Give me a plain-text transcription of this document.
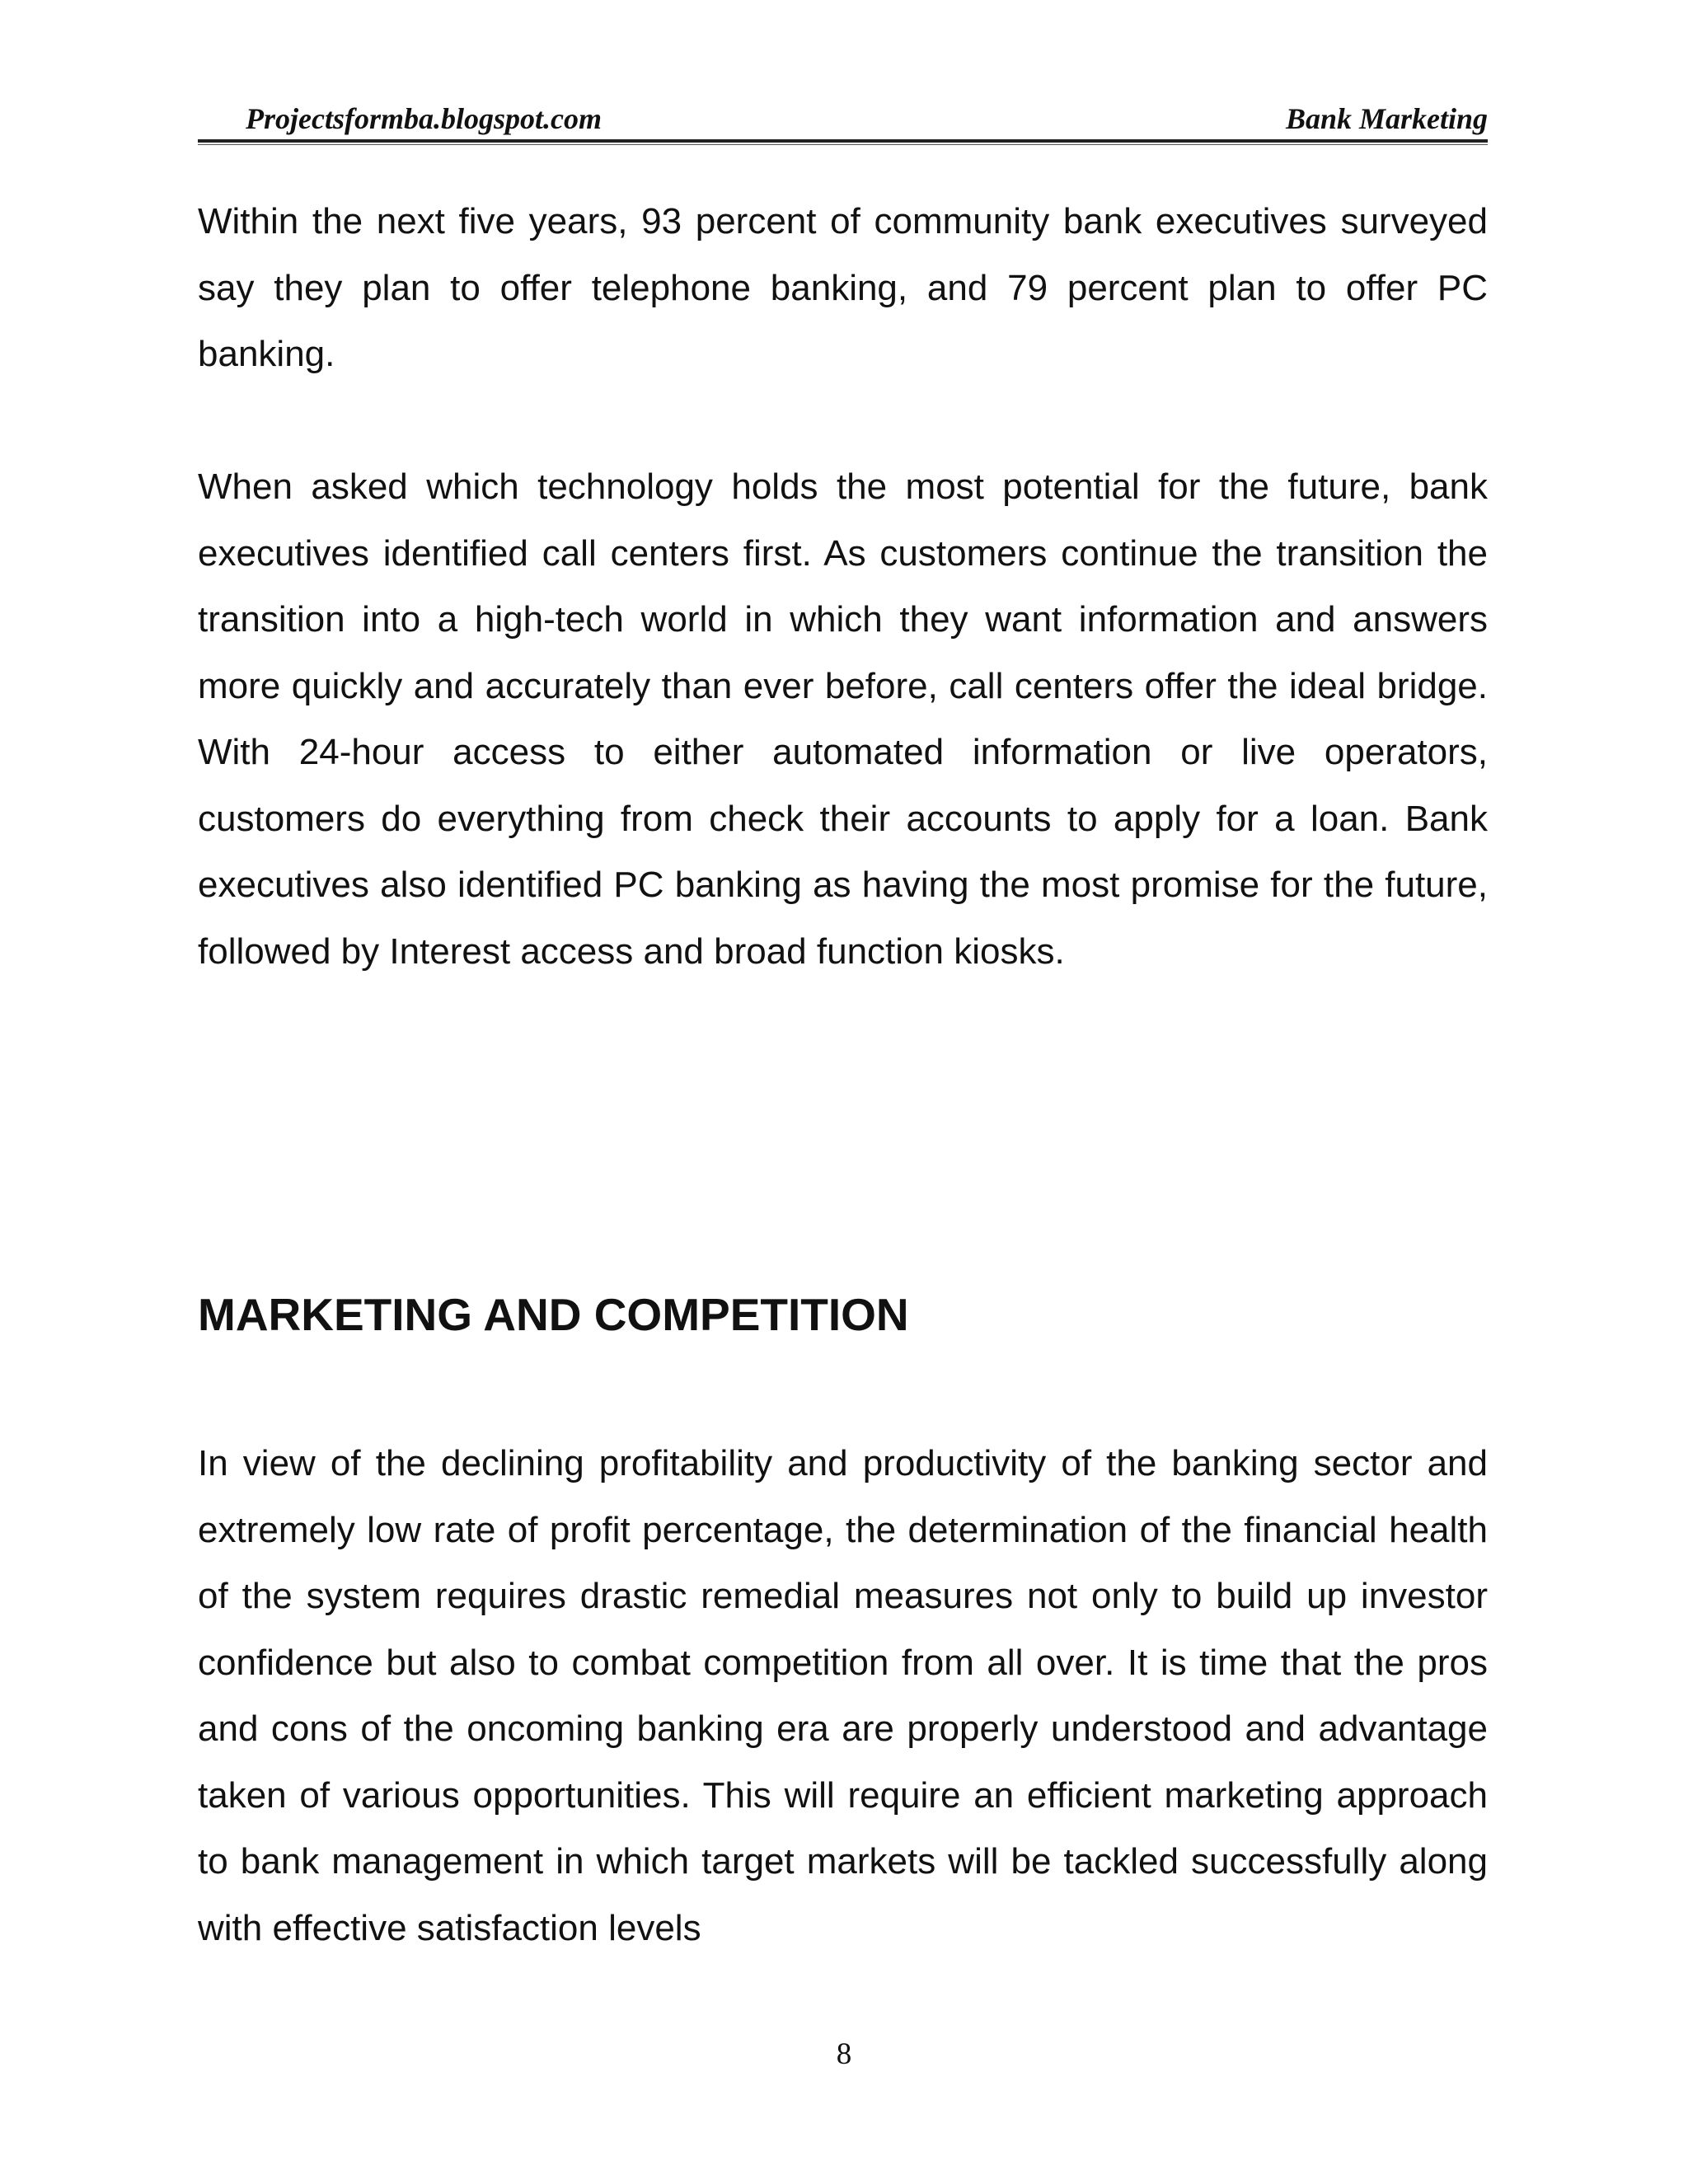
Projectsformba.blogspot.com	Bank Marketing

Within the next five years, 93 percent of community bank executives surveyed say they plan to offer telephone banking, and 79 percent plan to offer PC banking.

When asked which technology holds the most potential for the future, bank executives identified call centers first. As customers continue the transition the transition into a high-tech world in which they want information and answers more quickly and accurately than ever before, call centers offer the ideal bridge. With 24-hour access to either automated information or live operators, customers do everything from check their accounts to apply for a loan. Bank executives also identified PC banking as having the most promise for the future, followed by Interest access and broad function kiosks.

MARKETING AND COMPETITION

In view of the declining profitability and productivity of the banking sector and extremely low rate of profit percentage, the determination of the financial health of the system requires drastic remedial measures not only to build up investor confidence but also to combat competition from all over. It is time that the pros and cons of the oncoming banking era are properly understood and advantage taken of various opportunities. This will require an efficient marketing approach to bank management in which target markets will be tackled successfully along with effective satisfaction levels

8
